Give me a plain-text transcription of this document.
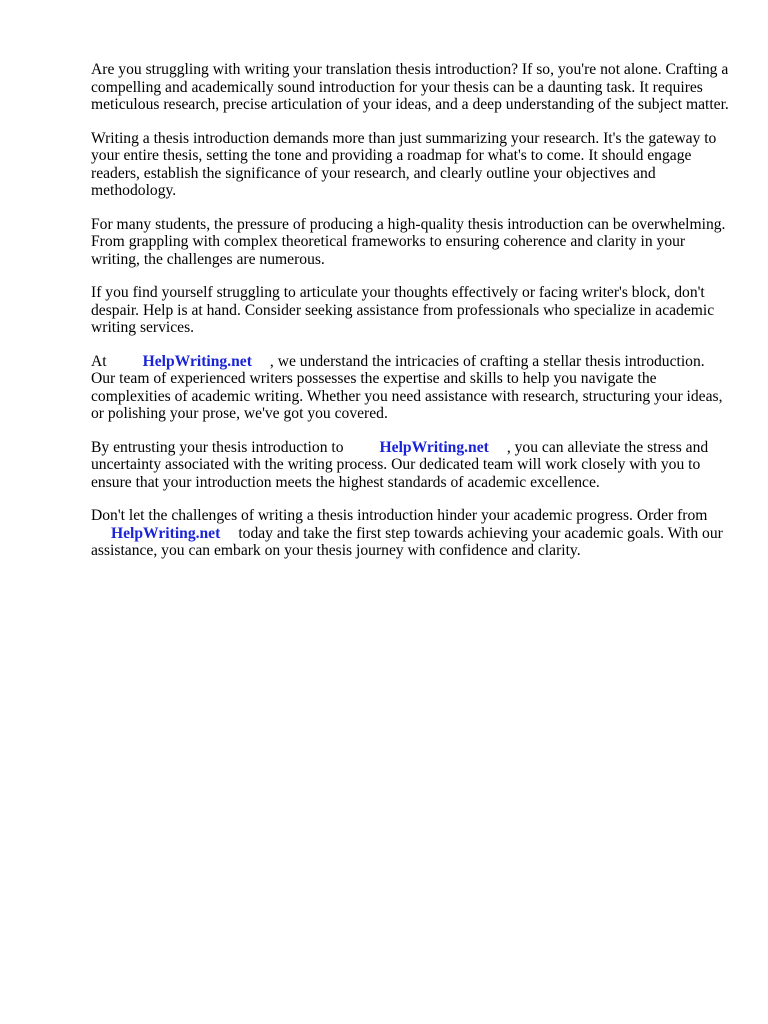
Are you struggling with writing your translation thesis introduction? If so, you're not alone. Crafting a compelling and academically sound introduction for your thesis can be a daunting task. It requires meticulous research, precise articulation of your ideas, and a deep understanding of the subject matter.

Writing a thesis introduction demands more than just summarizing your research. It's the gateway to your entire thesis, setting the tone and providing a roadmap for what's to come. It should engage readers, establish the significance of your research, and clearly outline your objectives and methodology.

For many students, the pressure of producing a high-quality thesis introduction can be overwhelming. From grappling with complex theoretical frameworks to ensuring coherence and clarity in your writing, the challenges are numerous.

If you find yourself struggling to articulate your thoughts effectively or facing writer's block, don't despair. Help is at hand. Consider seeking assistance from professionals who specialize in academic writing services.

At HelpWriting.net , we understand the intricacies of crafting a stellar thesis introduction. Our team of experienced writers possesses the expertise and skills to help you navigate the complexities of academic writing. Whether you need assistance with research, structuring your ideas, or polishing your prose, we've got you covered.

By entrusting your thesis introduction to HelpWriting.net , you can alleviate the stress and uncertainty associated with the writing process. Our dedicated team will work closely with you to ensure that your introduction meets the highest standards of academic excellence.

Don't let the challenges of writing a thesis introduction hinder your academic progress. Order from HelpWriting.net today and take the first step towards achieving your academic goals. With our assistance, you can embark on your thesis journey with confidence and clarity.
